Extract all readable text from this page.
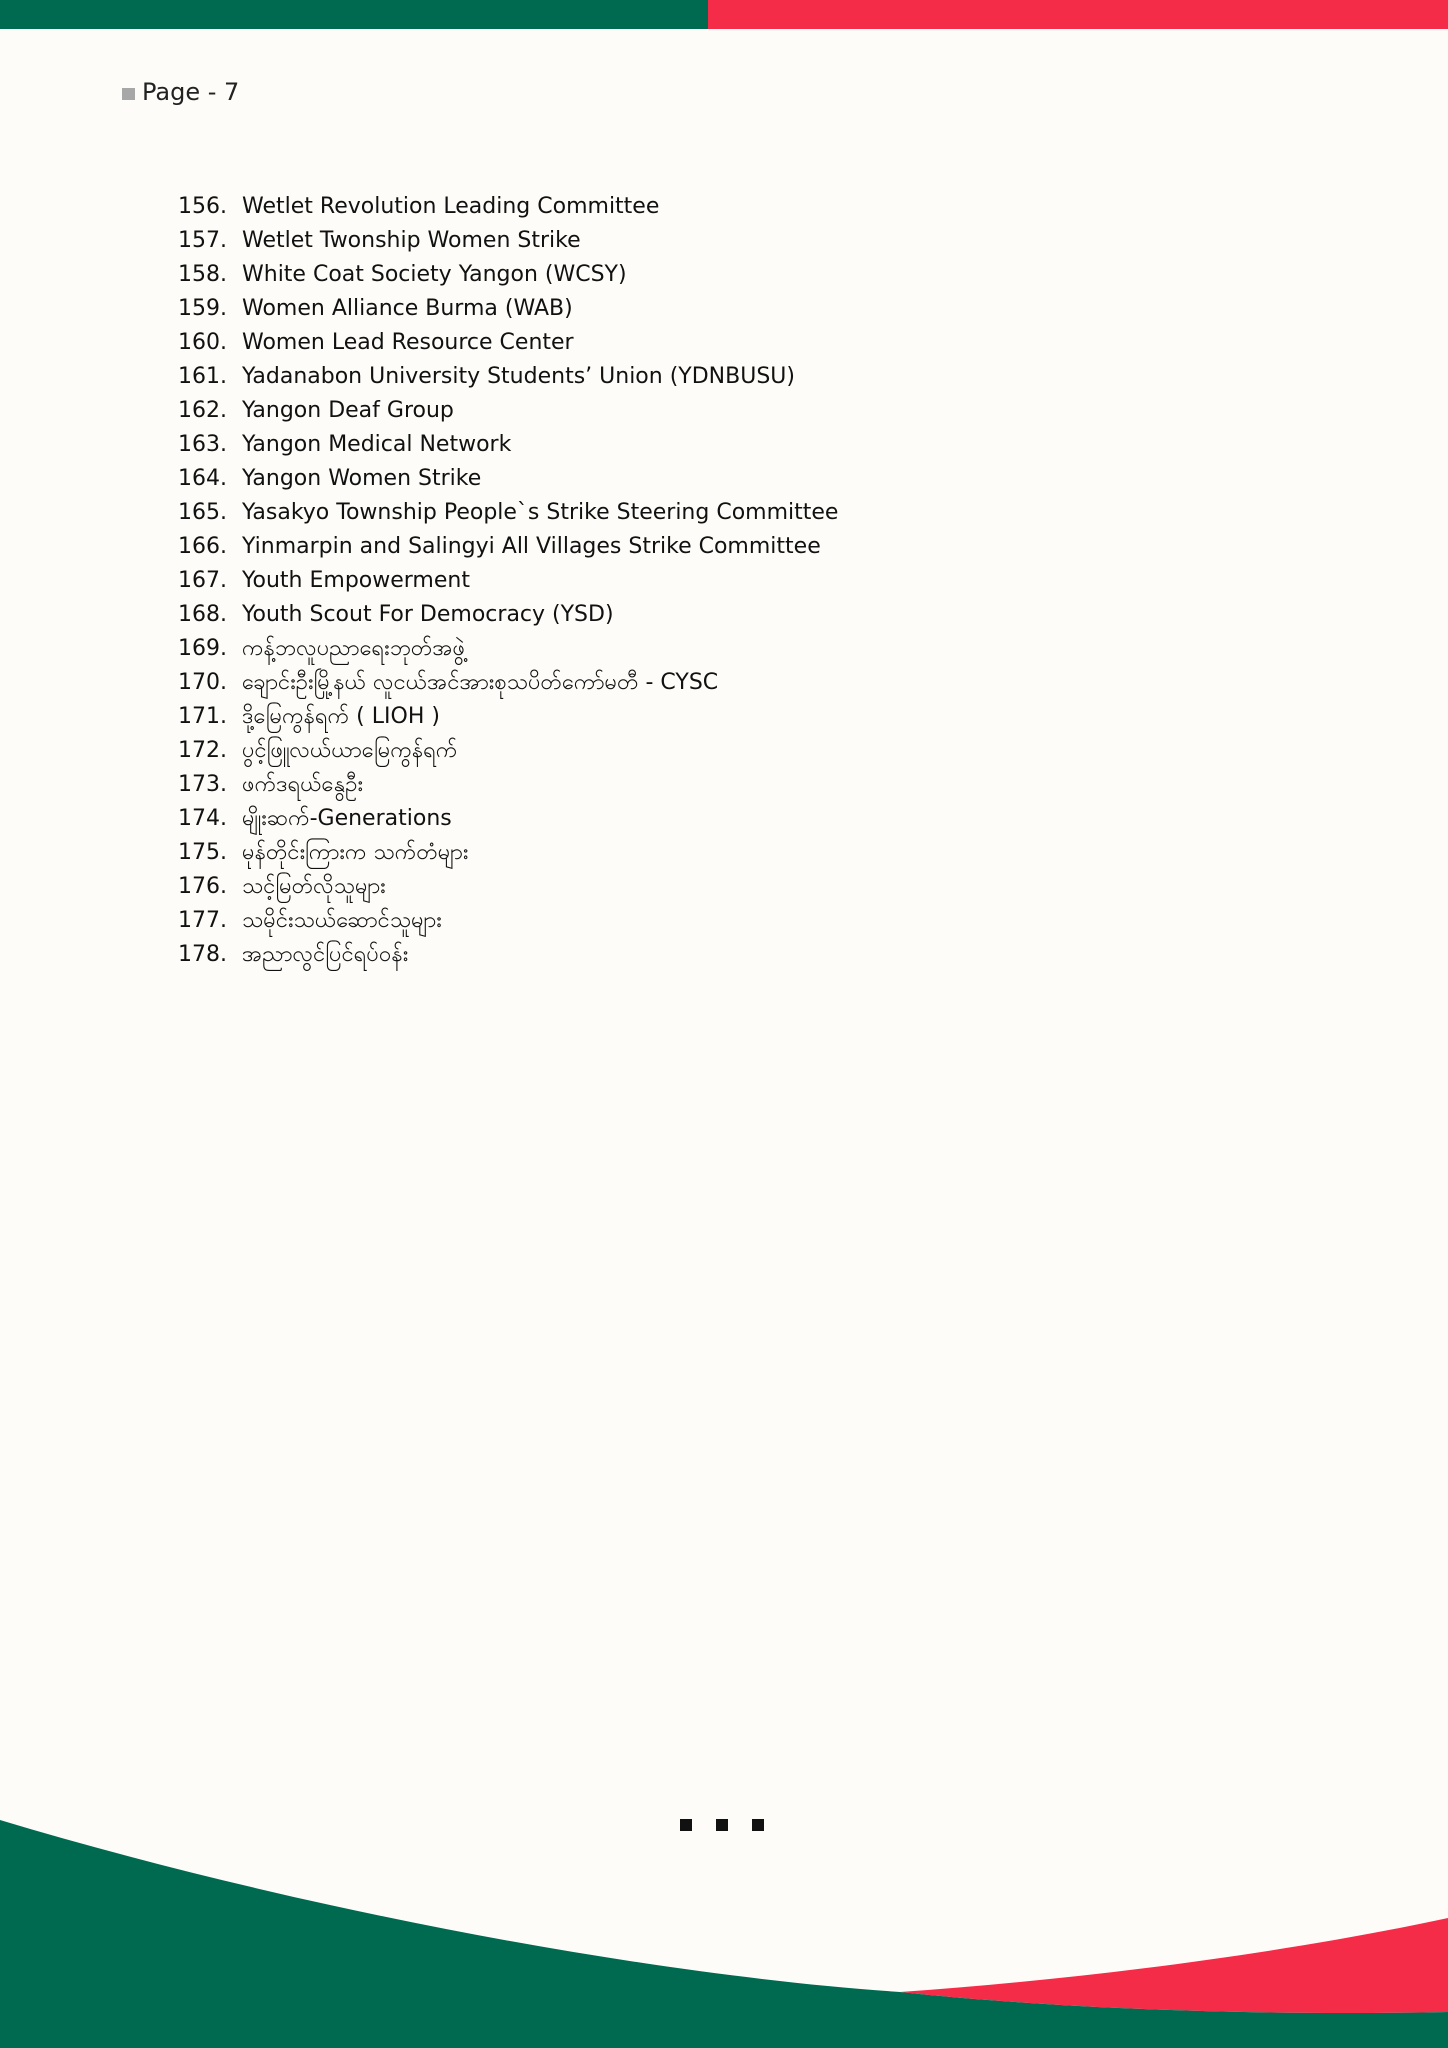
Page - 7
156. Wetlet Revolution Leading Committee
157. Wetlet Twonship Women Strike
158. White Coat Society Yangon (WCSY)
159. Women Alliance Burma (WAB)
160. Women Lead Resource Center
161. Yadanabon University Students’ Union (YDNBUSU)
162. Yangon Deaf Group
163. Yangon Medical Network
164. Yangon Women Strike
165. Yasakyo Township People`s Strike Steering Committee
166. Yinmarpin and Salingyi All Villages Strike Committee
167. Youth Empowerment
168. Youth Scout For Democracy (YSD)
169. ကန့်ဘလူပညာရေးဘုတ်အဖွဲ့
170. ချောင်းဦးမြို့နယ် လူငယ်အင်အားစုသပိတ်ကော်မတီ - CYSC
171. ဒို့မြေကွန်ရက် ( LIOH )
172. ပွင့်ဖြူလယ်ယာမြေကွန်ရက်
173. ဖက်ဒရယ်နွေဦး
174. မျိုးဆက်-Generations
175. မုန်တိုင်းကြားက သက်တံများ
176. သင့်မြတ်လိုသူများ
177. သမိုင်းသယ်ဆောင်သူများ
178. အညာလွင်ပြင်ရပ်ဝန်း
